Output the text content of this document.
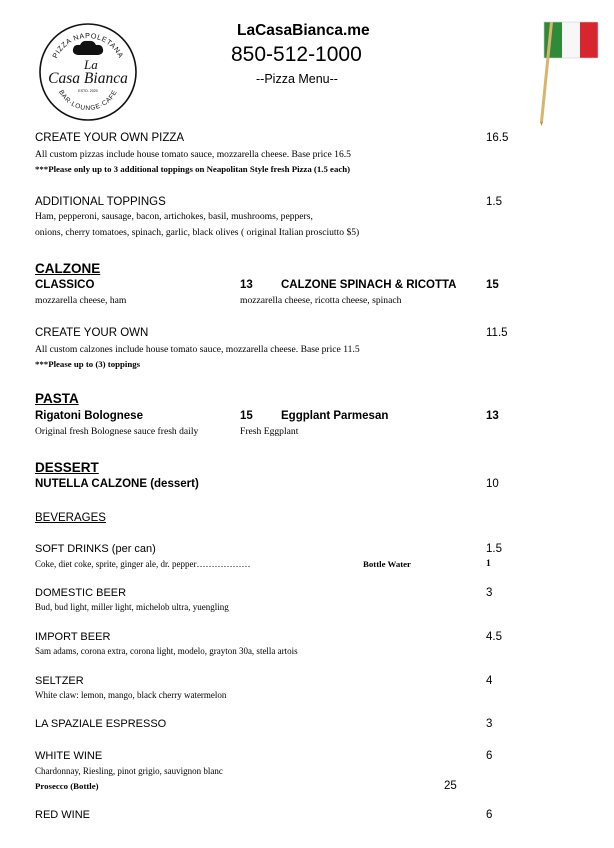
PIZZA NAPOLETANA
La
Casa Bianca
ESTD. 2020
BAR·LOUNGE·CAFE
LaCasaBianca.me
850-512-1000
--Pizza Menu--
CREATE YOUR OWN PIZZA	16.5
All custom pizzas include house tomato sauce, mozzarella cheese. Base price 16.5
***Please only up to 3 additional toppings on Neapolitan Style fresh Pizza (1.5 each)
ADDITIONAL TOPPINGS	1.5
Ham, pepperoni, sausage, bacon, artichokes, basil, mushrooms, peppers,
onions, cherry tomatoes, spinach, garlic, black olives ( original Italian prosciutto $5)
CALZONE
CLASSICO	13 CALZONE SPINACH & RICOTTA	15
mozzarella cheese, ham	mozzarella cheese, ricotta cheese, spinach
CREATE YOUR OWN	11.5
All custom calzones include house tomato sauce, mozzarella cheese. Base price 11.5
***Please up to (3) toppings
PASTA
Rigatoni Bolognese	15 Eggplant Parmesan	13
Original fresh Bolognese sauce fresh daily	Fresh Eggplant
DESSERT
NUTELLA CALZONE (dessert)	10
BEVERAGES
SOFT DRINKS (per can)	1.5
Coke, diet coke, sprite, ginger ale, dr. pepper………………	Bottle Water	1
DOMESTIC BEER	3
Bud, bud light, miller light, michelob ultra, yuengling
IMPORT BEER	4.5
Sam adams, corona extra, corona light, modelo, grayton 30a, stella artois
SELTZER	4
White claw: lemon, mango, black cherry watermelon
LA SPAZIALE ESPRESSO	3
WHITE WINE	6
Chardonnay, Riesling, pinot grigio, sauvignon blanc
Prosecco (Bottle)	25
RED WINE	6
